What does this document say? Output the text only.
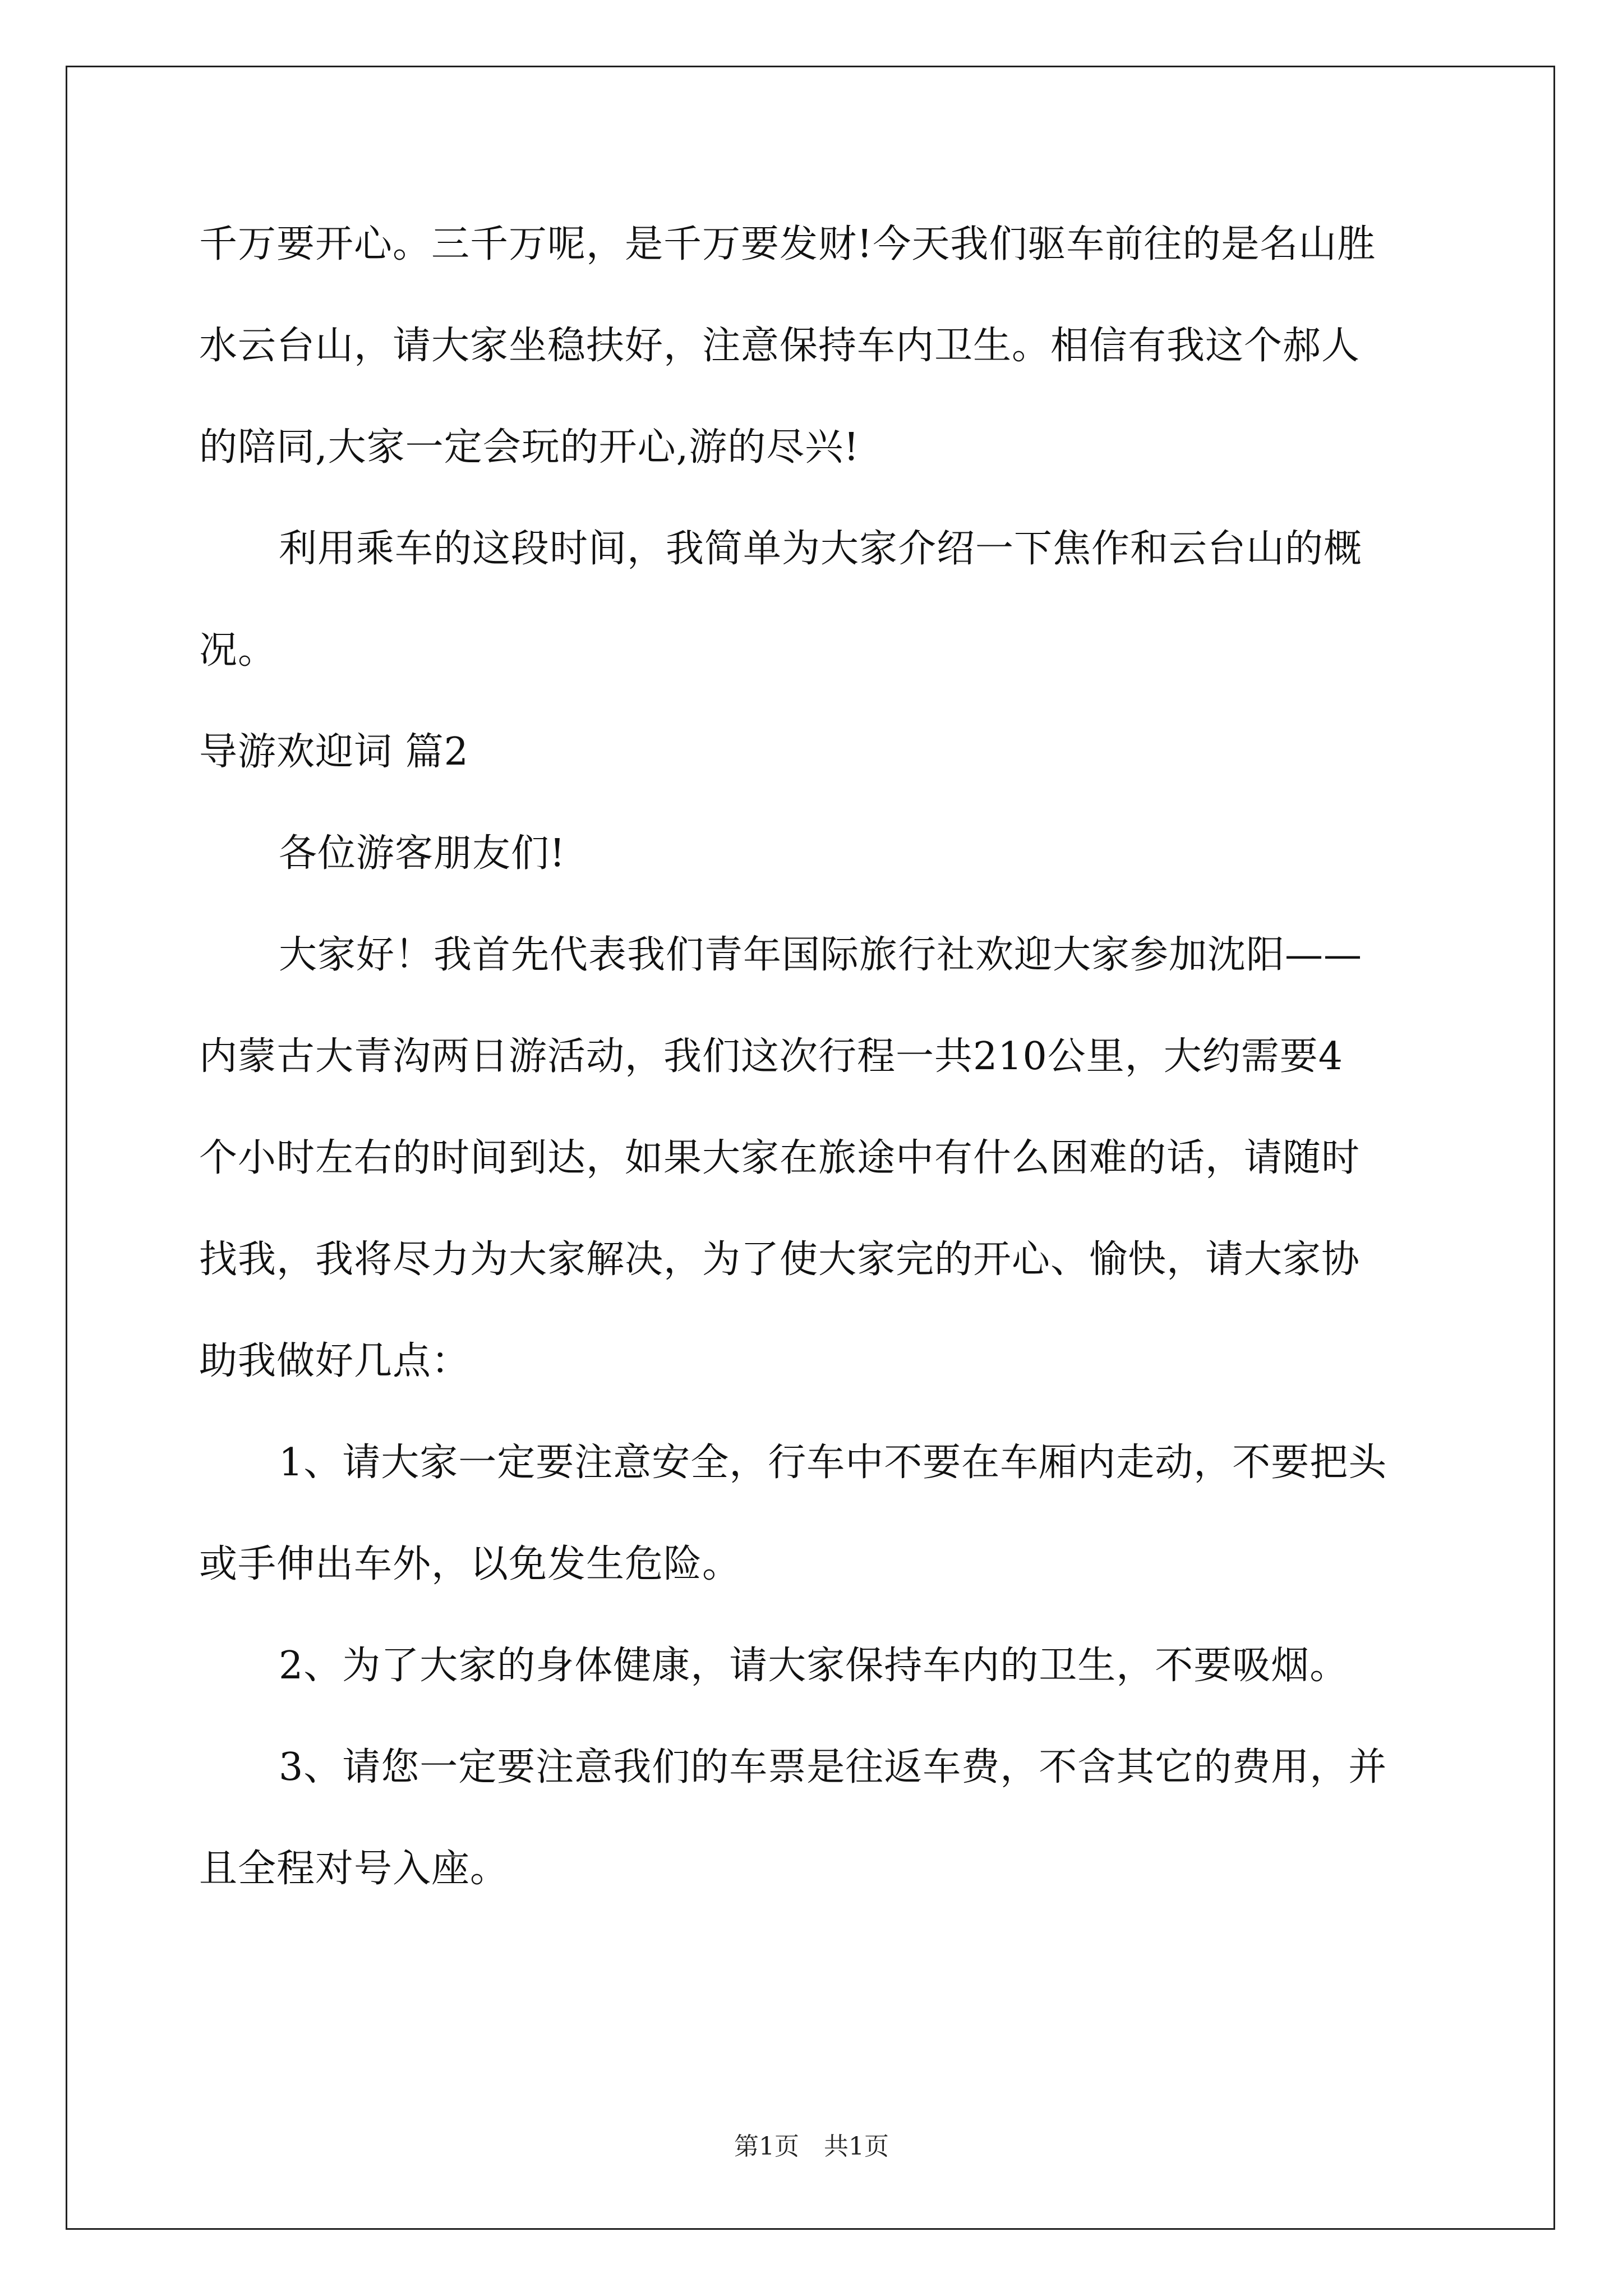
千万要开心。三千万呢，是千万要发财!今天我们驱车前往的是名山胜
水云台山，请大家坐稳扶好，注意保持车内卫生。相信有我这个郝人
的陪同,大家一定会玩的开心,游的尽兴!
利用乘车的这段时间，我简单为大家介绍一下焦作和云台山的概
况。
导游欢迎词 篇2
各位游客朋友们!
大家好！我首先代表我们青年国际旅行社欢迎大家参加沈阳——
内蒙古大青沟两日游活动，我们这次行程一共210公里，大约需要4
个小时左右的时间到达，如果大家在旅途中有什么困难的话，请随时
找我，我将尽力为大家解决，为了使大家完的开心、愉快，请大家协
助我做好几点：
1、请大家一定要注意安全，行车中不要在车厢内走动，不要把头
或手伸出车外，以免发生危险。
2、为了大家的身体健康，请大家保持车内的卫生，不要吸烟。
3、请您一定要注意我们的车票是往返车费，不含其它的费用，并
且全程对号入座。
第1页　共1页
